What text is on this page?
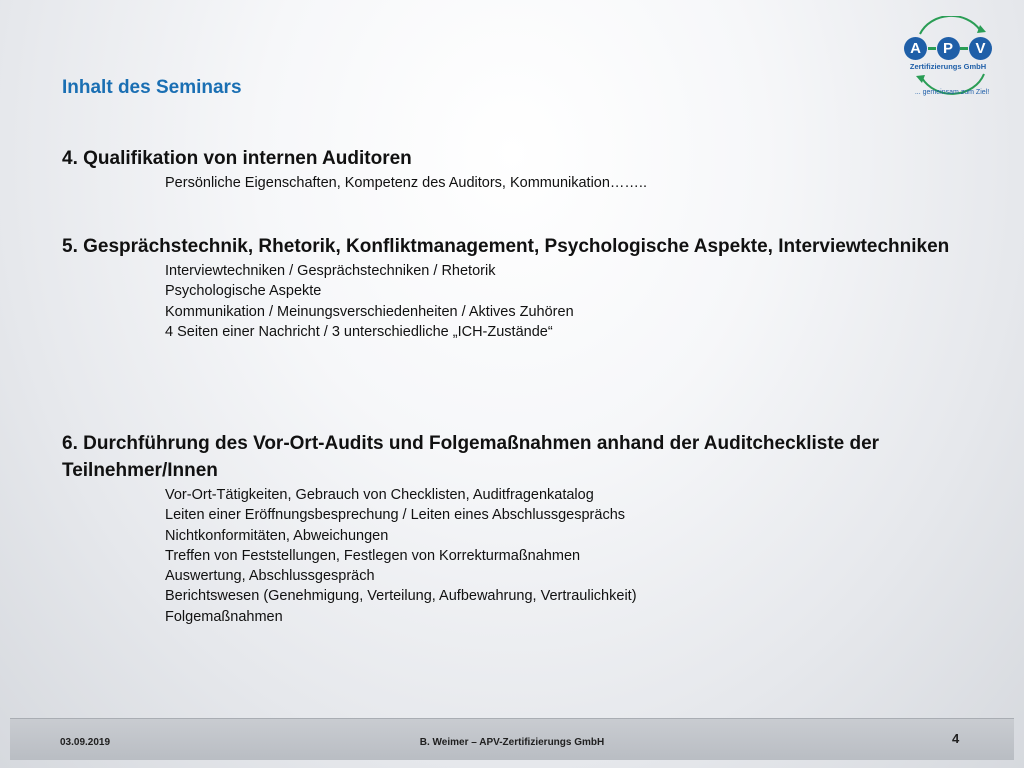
Inhalt des Seminars
A	P	V
Zertifizierungs GmbH
... gemeinsam zum Ziel!
4. Qualifikation von internen Auditoren
Persönliche Eigenschaften, Kompetenz des Auditors, Kommunikation……..
5. Gesprächstechnik, Rhetorik, Konfliktmanagement, Psychologische Aspekte, Interviewtechniken
Interviewtechniken / Gesprächstechniken / Rhetorik
Psychologische Aspekte
Kommunikation / Meinungsverschiedenheiten / Aktives Zuhören
4 Seiten einer Nachricht / 3 unterschiedliche „ICH-Zustände“
6. Durchführung des Vor-Ort-Audits und Folgemaßnahmen anhand der Auditcheckliste der Teilnehmer/Innen
Vor-Ort-Tätigkeiten, Gebrauch von Checklisten, Auditfragenkatalog
Leiten einer Eröffnungsbesprechung / Leiten eines Abschlussgesprächs
Nichtkonformitäten, Abweichungen
Treffen von Feststellungen, Festlegen von Korrekturmaßnahmen
Auswertung, Abschlussgespräch
Berichtswesen (Genehmigung, Verteilung, Aufbewahrung, Vertraulichkeit)
Folgemaßnahmen
03.09.2019	B. Weimer – APV-Zertifizierungs GmbH	4
